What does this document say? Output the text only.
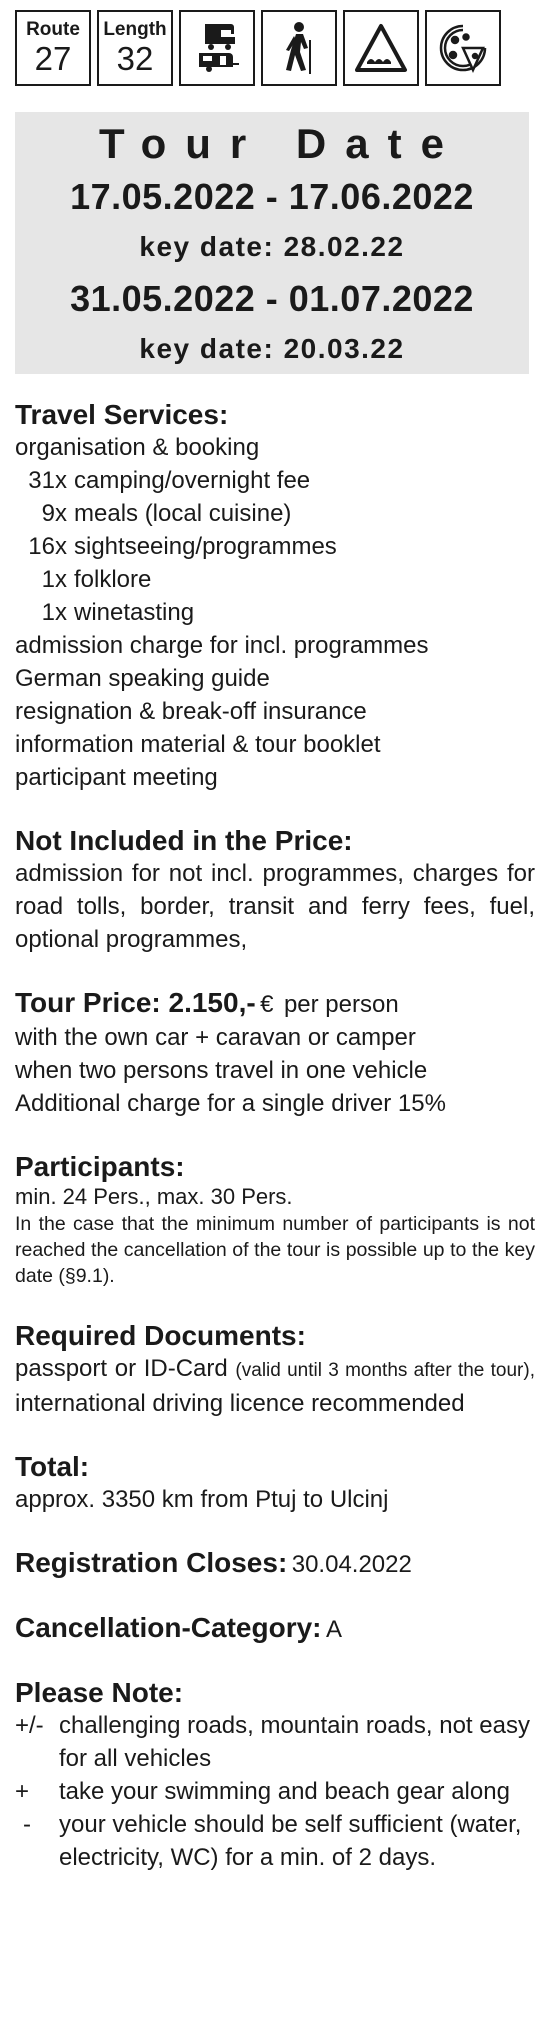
Route
27
Length
32
Tour Date
17.05.2022 - 17.06.2022
key date: 28.02.22
31.05.2022 - 01.07.2022
key date: 20.03.22
Travel Services:
organisation & booking
31x camping/overnight fee
9x meals (local cuisine)
16x sightseeing/programmes
1x folklore
1x winetasting
admission charge for incl. programmes
German speaking guide
resignation & break-off insurance
information material & tour booklet
participant meeting
Not Included in the Price:
admission for not incl. programmes, charges for road tolls, border, transit and ferry fees, fuel, optional programmes,
Tour Price: 2.150,- € per person
with the own car + caravan or camper
when two persons travel in one vehicle
Additional charge for a single driver 15%
Participants:
min. 24 Pers., max. 30 Pers.
In the case that the minimum number of participants is not reached the cancellation of the tour is possible up to the key date (§9.1).
Required Documents:
passport or ID-Card (valid until 3 months after the tour), international driving licence recommended
Total:
approx. 3350 km from Ptuj to Ulcinj
Registration Closes: 30.04.2022
Cancellation-Category: A
Please Note:
+/- challenging roads, mountain roads, not easy for all vehicles
+	take your swimming and beach gear along
-	your vehicle should be self sufficient (water, electricity, WC) for a min. of 2 days.
